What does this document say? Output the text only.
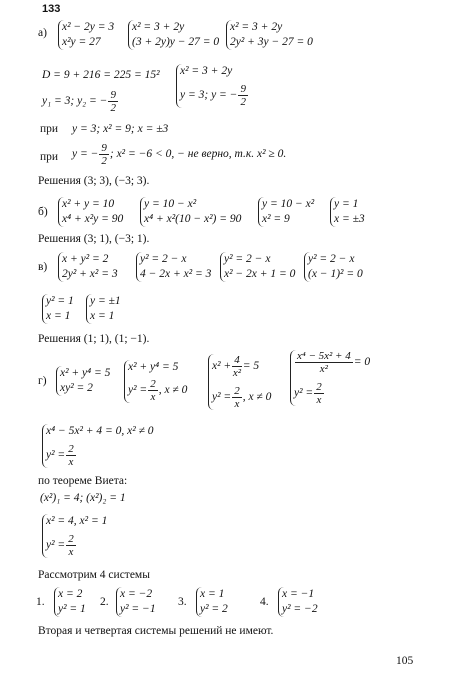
133
а) x² − 2y = 3
x²y = 27
x² = 3 + 2y
(3 + 2y)y − 27 = 0
x² = 3 + 2y
2y² + 3y − 27 = 0
D = 9 + 216 = 225 = 15²
y₁ = 3; y₂ = − $\frac{9}{2}$
x² = 3 + 2y
y = 3; y = − $\frac{9}{2}$
при y = 3; x² = 9; x = ±3
при y = − $\frac{9}{2}$ ; x² = −6 < 0, − не верно, т.к. x² ≥ 0.
Решения (3; 3), (−3; 3).
б)
x² + y = 10
x⁴ + x²y = 90
y = 10 − x²
x⁴ + x²(10 − x²) = 90
y = 10 − x²
x² = 9
y = 1
x = ±3
Решения (3; 1), (−3; 1).
в)
x + y² = 2
2y² + x² = 3
y² = 2 − x
4 − 2x + x² = 3
y² = 2 − x
x² − 2x + 1 = 0
y² = 2 − x
(x − 1)² = 0
y² = 1
x = 1
y = ±1
x = 1
Решения (1; 1), (1; −1).
г)
x² + y⁴ = 5
xy² = 2
x² + y⁴ = 5
$y^2 = \frac{2}{x}$ , x ≠ 0
$x^2 + \frac{4}{\text{x²}} = 5$
$y^2 = \frac{2}{x}$ , x ≠ 0
$\frac{\text{x⁴ − 5x² + 4}}{\text{x²}} = 0$
$y^2 = \frac{2}{x}$
x⁴ − 5x² + 4 = 0, x² ≠ 0
$y^2 = \frac{2}{x}$
по теореме Виета:
(x²)₁ = 4; (x²)₂ = 1
x² = 4, x² = 1
$y^2 = \frac{2}{x}$
Рассмотрим 4 системы
1.
x = 2
y² = 1
2.
x = −2
y² = −1
3.
x = 1
y² = 2
4.
x = −1
y² = −2
Вторая и четвертая системы решений не имеют.
105
